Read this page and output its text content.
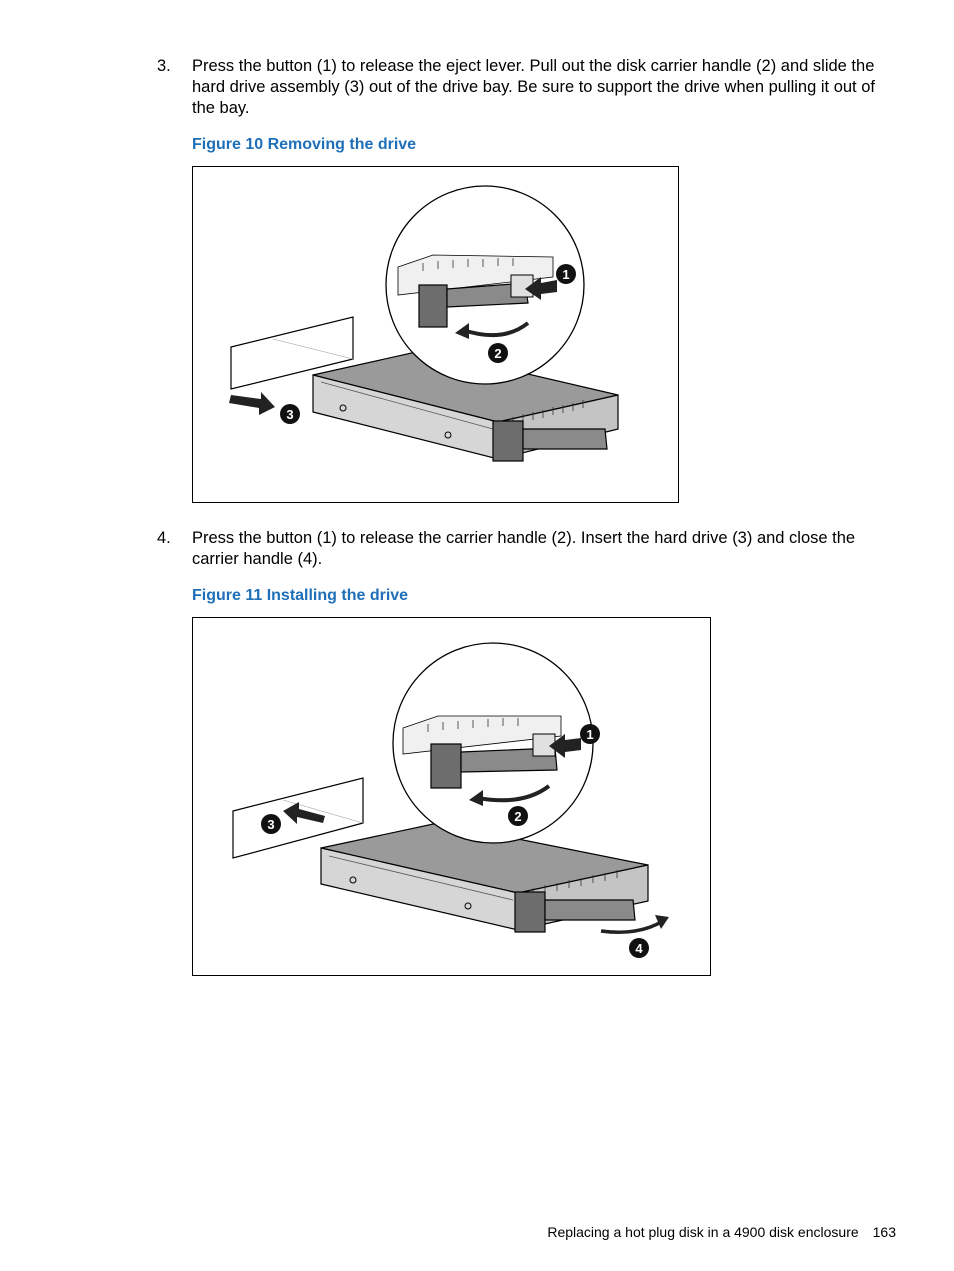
3. Press the button (1) to release the eject lever. Pull out the disk carrier handle (2) and slide the hard drive assembly (3) out of the drive bay. Be sure to support the drive when pulling it out of the bay.
Figure 10 Removing the drive
1
2
3
4. Press the button (1) to release the carrier handle (2). Insert the hard drive (3) and close the carrier handle (4).
Figure 11 Installing the drive
1
2
3
4
Replacing a hot plug disk in a 4900 disk enclosure 163
